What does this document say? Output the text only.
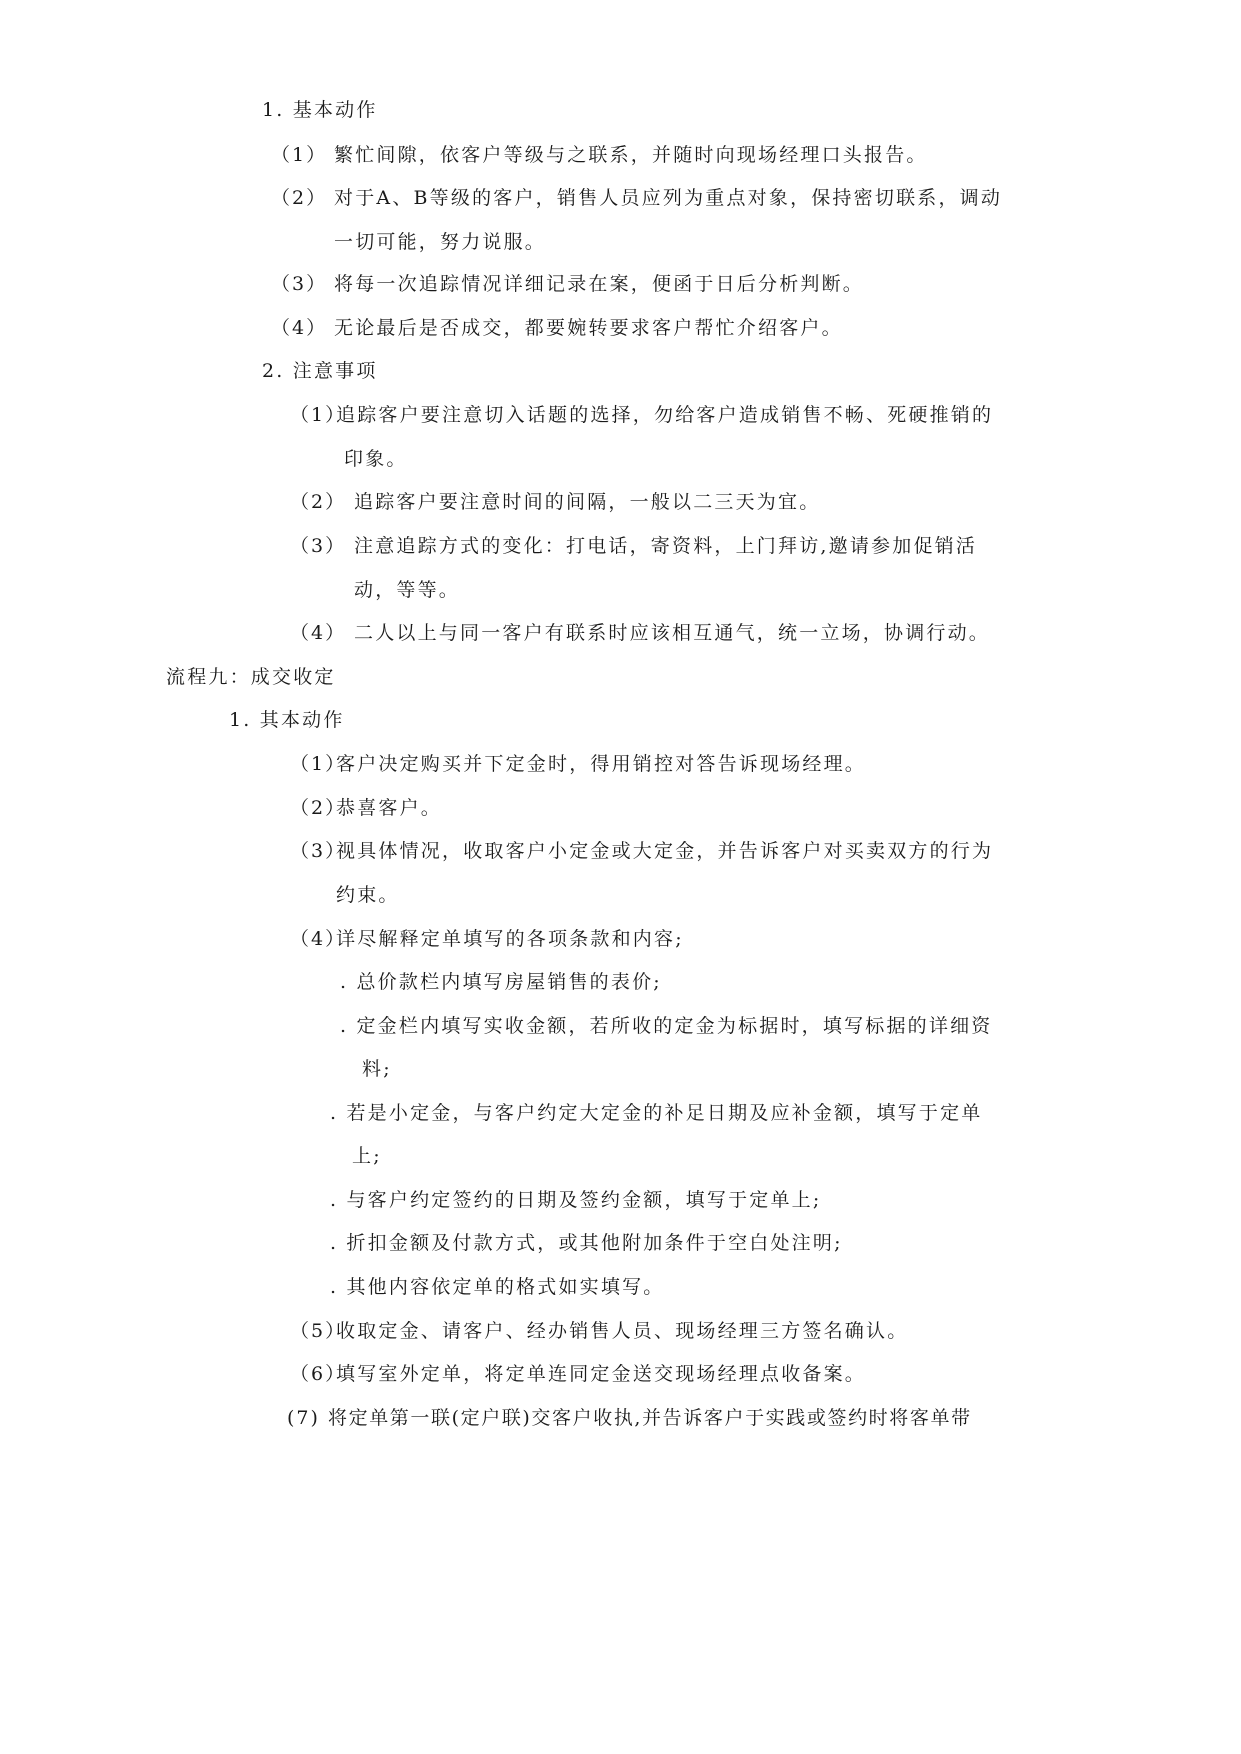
1. 基本动作
（1） 繁忙间隙，依客户等级与之联系，并随时向现场经理口头报告。
（2） 对于A、B等级的客户，销售人员应列为重点对象，保持密切联系，调动
一切可能，努力说服。
（3） 将每一次追踪情况详细记录在案，便函于日后分析判断。
（4） 无论最后是否成交，都要婉转要求客户帮忙介绍客户。
2. 注意事项
（1）
追踪客户要注意切入话题的选择，勿给客户造成销售不畅、死硬推销的
印象。
（2） 追踪客户要注意时间的间隔，一般以二三天为宜。
（3） 注意追踪方式的变化：打电话，寄资料，上门拜访,邀请参加促销活
动，等等。
（4） 二人以上与同一客户有联系时应该相互通气，统一立场，协调行动。
流程九：成交收定
1. 其本动作
（1）
客户决定购买并下定金时，得用销控对答告诉现场经理。
（2）
恭喜客户。
（3）
视具体情况，收取客户小定金或大定金，并告诉客户对买卖双方的行为
约束。
（4）
详尽解释定单填写的各项条款和内容;
. 总价款栏内填写房屋销售的表价;
. 定金栏内填写实收金额，若所收的定金为标据时，填写标据的详细资
料;
. 若是小定金，与客户约定大定金的补足日期及应补金额，填写于定单
上;
. 与客户约定签约的日期及签约金额，填写于定单上;
. 折扣金额及付款方式，或其他附加条件于空白处注明;
. 其他内容依定单的格式如实填写。
（5）
收取定金、请客户、经办销售人员、现场经理三方签名确认。
（6）
填写室外定单，将定单连同定金送交现场经理点收备案。
(7) 将定单第一联(定户联)交客户收执,并告诉客户于实践或签约时将客单带
